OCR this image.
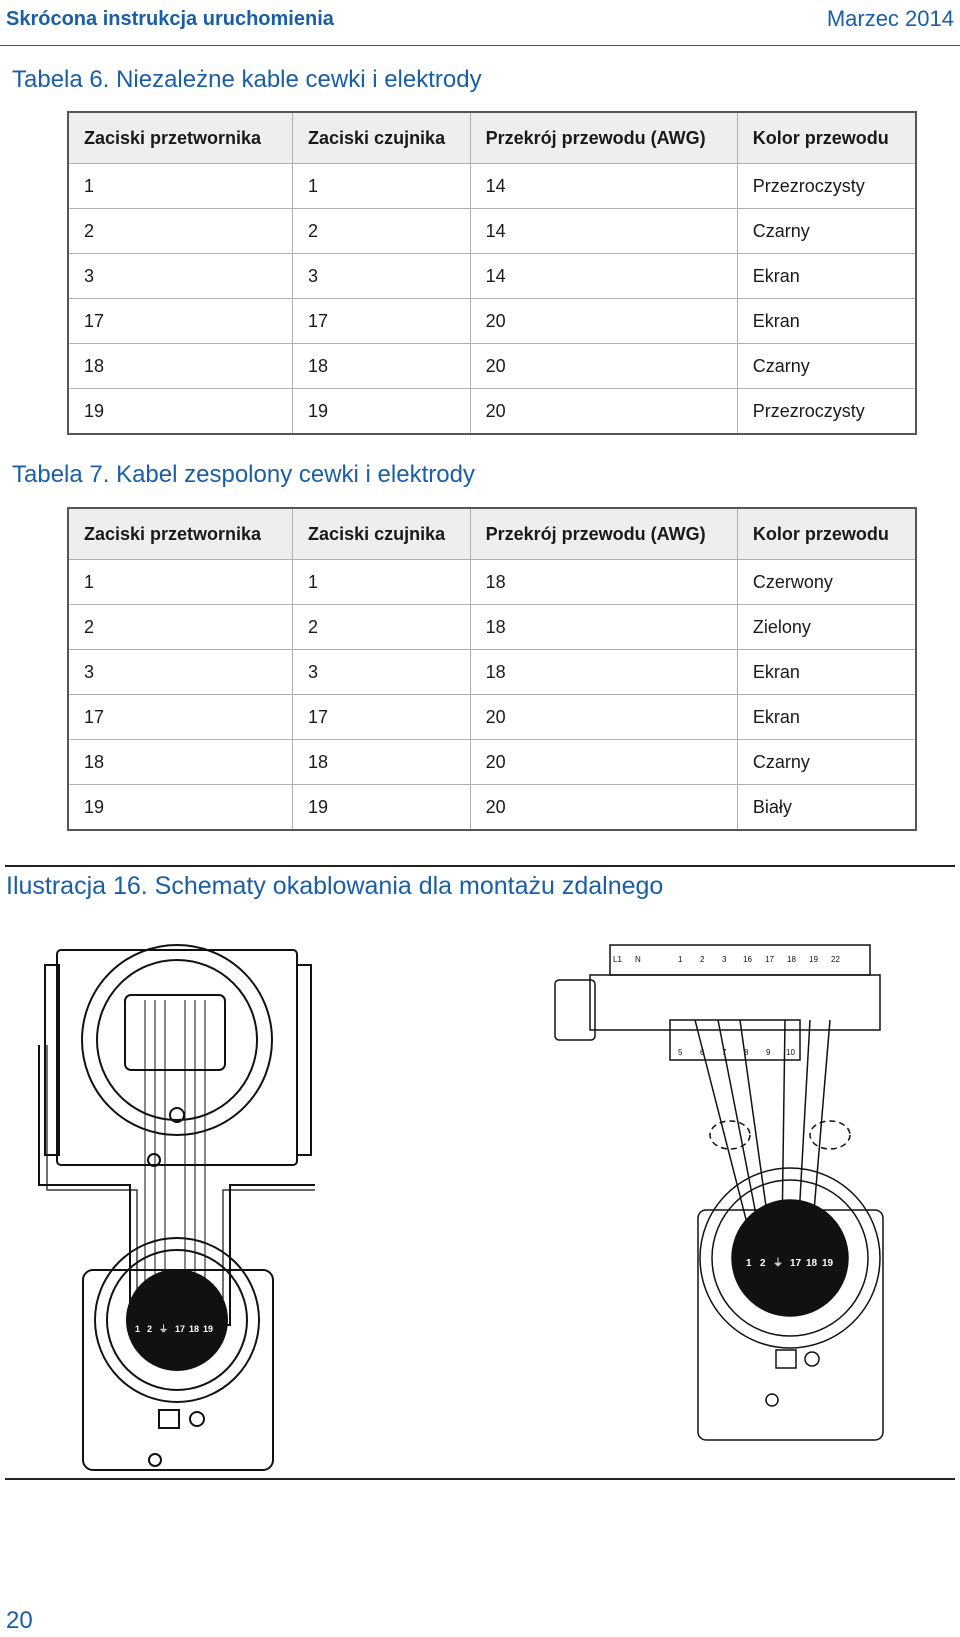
Skrócona instrukcja uruchomienia	Marzec 2014
Tabela 6. Niezależne kable cewki i elektrody
Zaciski przetwornika	Zaciski czujnika	Przekrój przewodu (AWG)	Kolor przewodu
1	1	14	Przezroczysty
2	2	14	Czarny
3	3	14	Ekran
17	17	20	Ekran
18	18	20	Czarny
19	19	20	Przezroczysty
Tabela 7. Kabel zespolony cewki i elektrody
Zaciski przetwornika	Zaciski czujnika	Przekrój przewodu (AWG)	Kolor przewodu
1	1	18	Czerwony
2	2	18	Zielony
3	3	18	Ekran
17	17	20	Ekran
18	18	20	Czarny
19	19	20	Biały
Ilustracja 16. Schematy okablowania dla montażu zdalnego
1 2 ⏚ 17 18 19
L1 N	1 2 3 16 17 18 19 22
5 6 7 8 9 10
1 2 ⏚ 17 18 19
20
